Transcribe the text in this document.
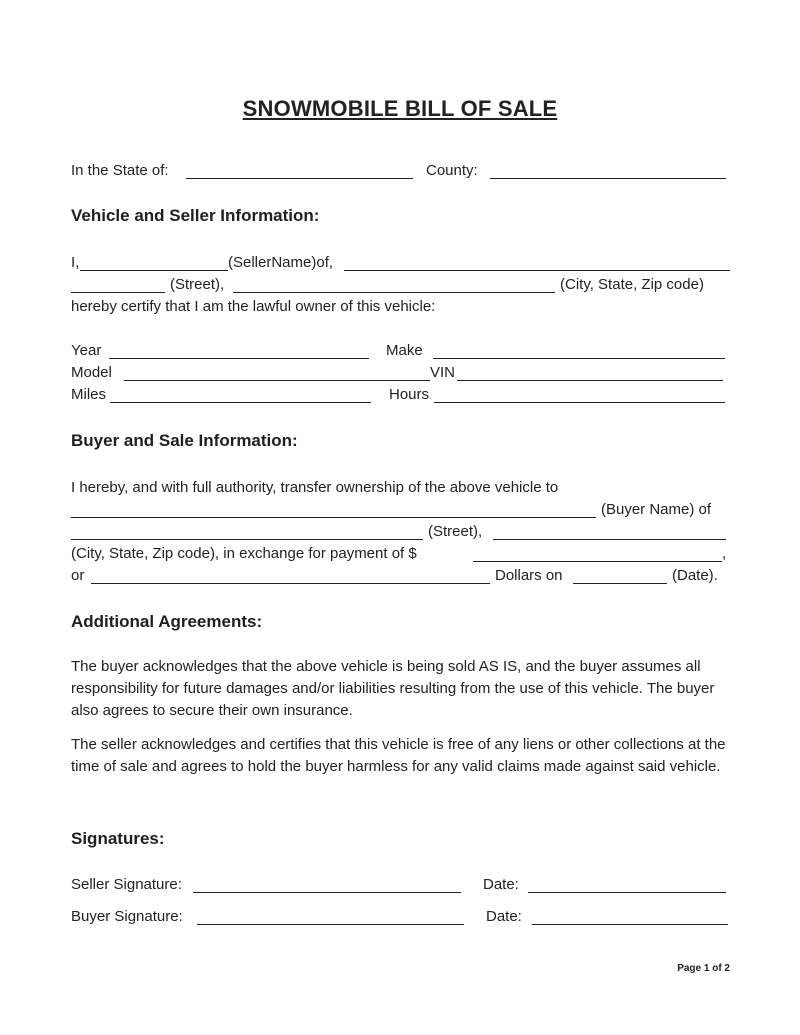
SNOWMOBILE BILL OF SALE
In the State of:	County:
Vehicle and Seller Information:
I,	(SellerName)of,
(Street),	(City, State, Zip code)
hereby certify that I am the lawful owner of this vehicle:
Year	Make
Model	VIN
Miles	Hours
Buyer and Sale Information:
I hereby, and with full authority, transfer ownership of the above vehicle to
(Buyer Name) of
(Street),
(City, State, Zip code), in exchange for payment of $	,
or	Dollars on	(Date).
Additional Agreements:

The buyer acknowledges that the above vehicle is being sold AS IS, and the buyer assumes all responsibility for future damages and/or liabilities resulting from the use of this vehicle. The buyer also agrees to secure their own insurance.

The seller acknowledges and certifies that this vehicle is free of any liens or other collections at the time of sale and agrees to hold the buyer harmless for any valid claims made against said vehicle.

Signatures:
Seller Signature:	Date:
Buyer Signature:	Date:
Page 1 of 2
